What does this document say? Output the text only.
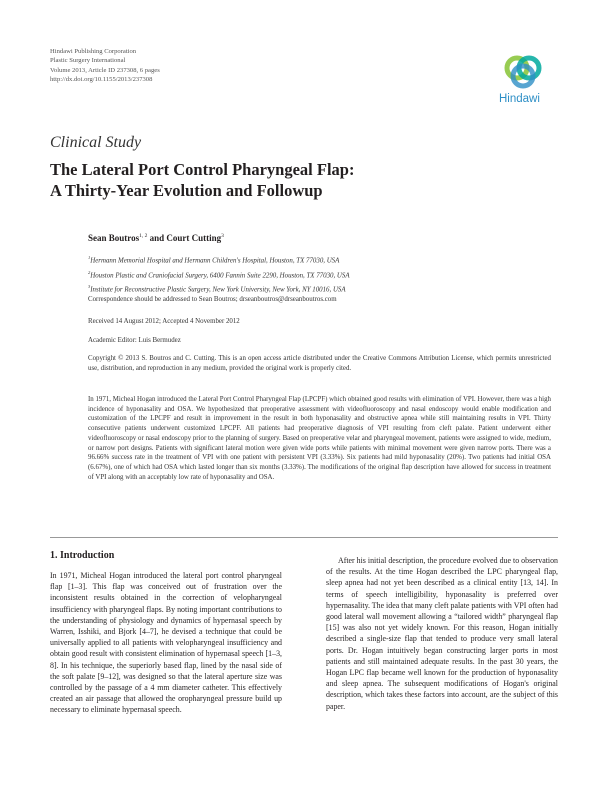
Hindawi Publishing Corporation
Plastic Surgery International
Volume 2013, Article ID 237308, 6 pages
http://dx.doi.org/10.1155/2013/237308
Hindawi
Clinical Study
The Lateral Port Control Pharyngeal Flap:
A Thirty-Year Evolution and Followup
Sean Boutros$^{1, 2}$ and Court Cutting$^3$
$^1$Hermann Memorial Hospital and Hermann Children's Hospital, Houston, TX 77030, USA
$^2$Houston Plastic and Craniofacial Surgery, 6400 Fannin Suite 2290, Houston, TX 77030, USA
$^3$Institute for Reconstructive Plastic Surgery, New York University, New York, NY 10016, USA
Correspondence should be addressed to Sean Boutros; drseanboutros@drseanboutros.com
Received 14 August 2012; Accepted 4 November 2012
Academic Editor: Luis Bermudez
Copyright © 2013 S. Boutros and C. Cutting. This is an open access article distributed under the Creative Commons Attribution License, which permits unrestricted use, distribution, and reproduction in any medium, provided the original work is properly cited.
In 1971, Micheal Hogan introduced the Lateral Port Control Pharyngeal Flap (LPCPF) which obtained good results with elimination of VPI. However, there was a high incidence of hyponasality and OSA. We hypothesized that preoperative assessment with videofluoroscopy and nasal endoscopy would enable modification and customization of the LPCPF and result in improvement in the result in both hyponasality and obstructive apnea while still maintaining results in VPI. Thirty consecutive patients underwent customized LPCPF. All patients had preoperative diagnosis of VPI resulting from cleft palate. Patient underwent either videofluoroscopy or nasal endoscopy prior to the planning of surgery. Based on preoperative velar and pharyngeal movement, patients were assigned to wide, medium, or narrow port designs. Patients with significant lateral motion were given wide ports while patients with minimal movement were given narrow ports. There was a 96.66% success rate in the treatment of VPI with one patient with persistent VPI (3.33%). Six patients had mild hyponasality (20%). Two patients had initial OSA (6.67%), one of which had OSA which lasted longer than six months (3.33%). The modifications of the original flap description have allowed for success in treatment of VPI along with an acceptably low rate of hyponasality and OSA.
1. Introduction
In 1971, Micheal Hogan introduced the lateral port control pharyngeal flap [1–3]. This flap was conceived out of frustration over the inconsistent results obtained in the correction of velopharyngeal insufficiency with pharyngeal flaps. By noting important contributions to the understanding of physiology and dynamics of hypernasal speech by Warren, Isshiki, and Bjork [4–7], he devised a technique that could be universally applied to all patients with velopharyngeal insufficiency and obtain good result with consistent elimination of hypernasal speech [1–3, 8]. In his technique, the superiorly based flap, lined by the nasal side of the soft palate [9–12], was designed so that the lateral aperture size was controlled by the passage of a 4 mm diameter catheter. This effectively created an air passage that allowed the oropharyngeal pressure build up necessary to eliminate hypernasal speech.
After his initial description, the procedure evolved due to observation of the results. At the time Hogan described the LPC pharyngeal flap, sleep apnea had not yet been described as a clinical entity [13, 14]. In terms of speech intelligibility, hyponasality is preferred over hypernasality. The idea that many cleft palate patients with VPI often had good lateral wall movement allowing a “tailored width” pharyngeal flap [15] was also not yet widely known. For this reason, Hogan initially described a single-size flap that tended to produce very small lateral ports. Dr. Hogan intuitively began constructing larger ports in most patients and still maintained adequate results. In the past 30 years, the Hogan LPC flap became well known for the production of hyponasality and sleep apnea. The subsequent modifications of Hogan's original description, which takes these factors into account, are the subject of this paper.
